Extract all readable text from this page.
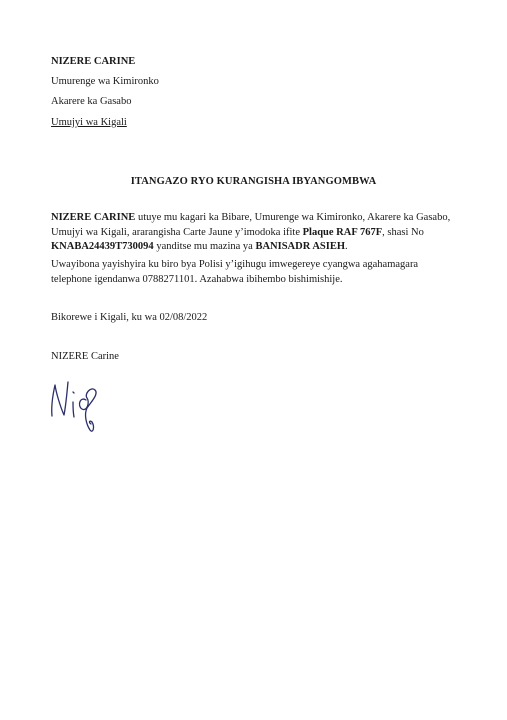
NIZERE CARINE
Umurenge wa Kimironko
Akarere ka Gasabo
Umujyi wa Kigali
ITANGAZO RYO KURANGISHA IBYANGOMBWA
NIZERE CARINE utuye mu kagari ka Bibare, Umurenge wa Kimironko, Akarere ka Gasabo, Umujyi wa Kigali, ararangisha Carte Jaune y’imodoka ifite Plaque RAF 767F, shasi No KNABA24439T730094 yanditse mu mazina ya BANISADR ASIEH.
Uwayibona yayishyira ku biro bya Polisi y’igihugu imwegereye cyangwa agahamagara telephone igendanwa 0788271101. Azahabwa ibihembo bishimishije.
Bikorewe i Kigali, ku wa 02/08/2022
NIZERE Carine
